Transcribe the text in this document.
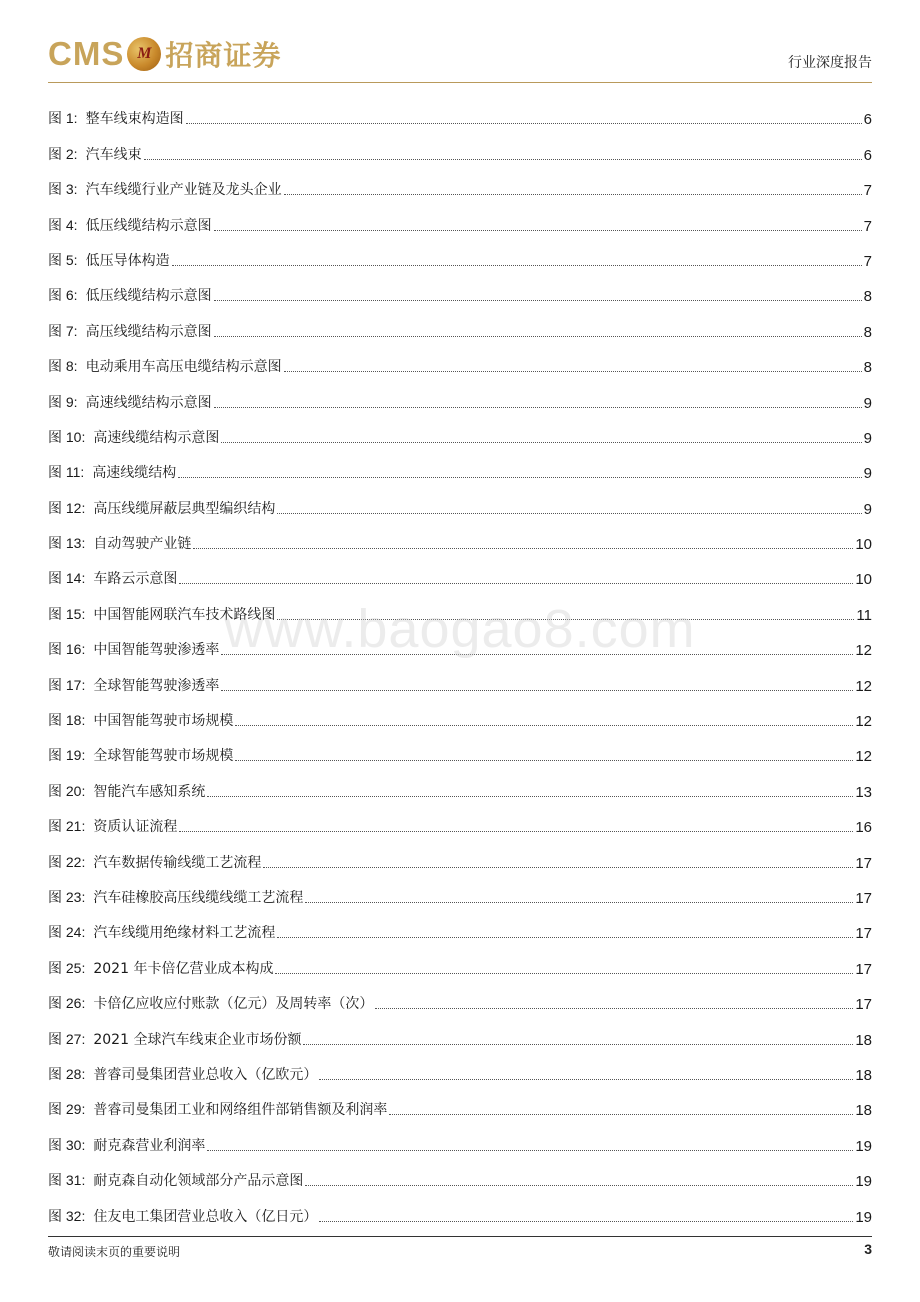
CMS M 招商证券	行业深度报告
图 1: 整车线束构造图	6
图 2: 汽车线束	6
图 3: 汽车线缆行业产业链及龙头企业	7
图 4: 低压线缆结构示意图	7
图 5: 低压导体构造	7
图 6: 低压线缆结构示意图	8
图 7: 高压线缆结构示意图	8
图 8: 电动乘用车高压电缆结构示意图	8
图 9: 高速线缆结构示意图	9
图 10: 高速线缆结构示意图	9
图 11: 高速线缆结构	9
图 12: 高压线缆屏蔽层典型编织结构	9
图 13: 自动驾驶产业链	10
图 14: 车路云示意图	10
图 15: 中国智能网联汽车技术路线图	11
图 16: 中国智能驾驶渗透率	12
图 17: 全球智能驾驶渗透率	12
图 18: 中国智能驾驶市场规模	12
图 19: 全球智能驾驶市场规模	12
图 20: 智能汽车感知系统	13
图 21: 资质认证流程	16
图 22: 汽车数据传输线缆工艺流程	17
图 23: 汽车硅橡胶高压线缆线缆工艺流程	17
图 24: 汽车线缆用绝缘材料工艺流程	17
图 25: 2021 年卡倍亿营业成本构成	17
图 26: 卡倍亿应收应付账款（亿元）及周转率（次）	17
图 27: 2021 全球汽车线束企业市场份额	18
图 28: 普睿司曼集团营业总收入（亿欧元）	18
图 29: 普睿司曼集团工业和网络组件部销售额及利润率	18
图 30: 耐克森营业利润率	19
图 31: 耐克森自动化领域部分产品示意图	19
图 32: 住友电工集团营业总收入（亿日元）	19
www.baogao8.com
敬请阅读末页的重要说明	3
